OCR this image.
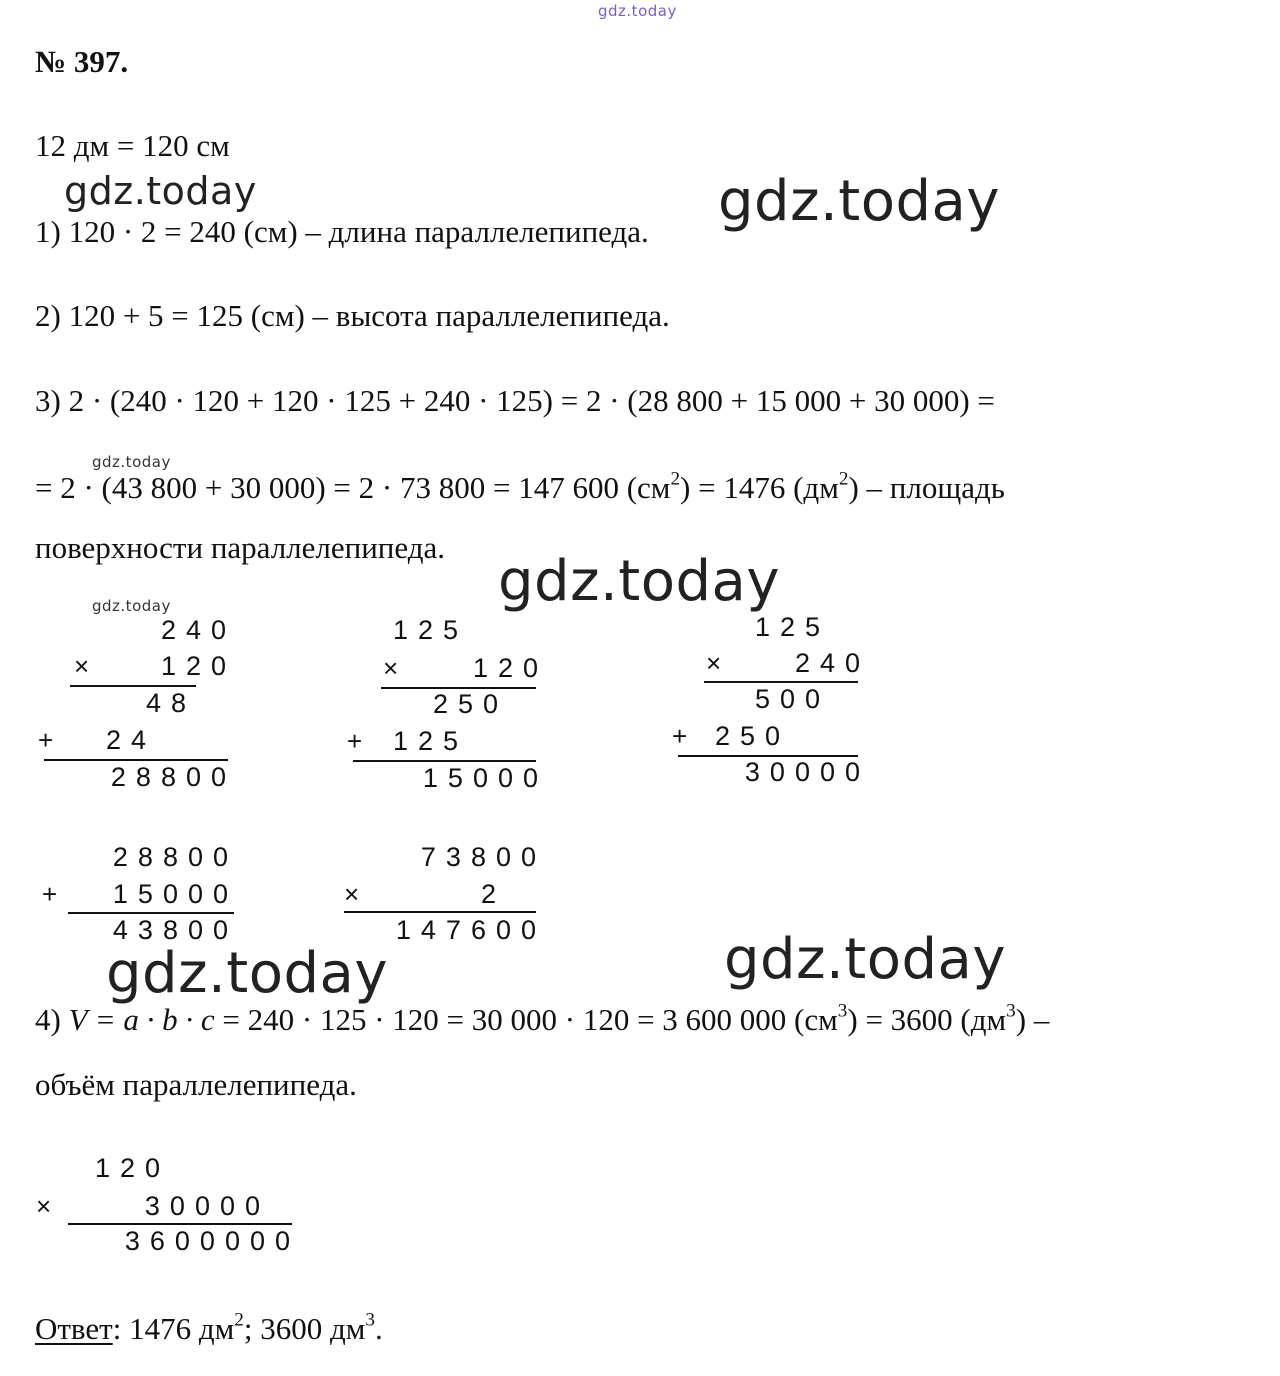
gdz.today
gdz.today	gdz.today
gdz.today
gdz.today
gdz.today
gdz.today	gdz.today
№ 397.
12 дм = 120 см
1) 120 · 2 = 240 (см) – длина параллелепипеда.
2) 120 + 5 = 125 (см) – высота параллелепипеда.
3) 2 · (240 · 120 + 120 · 125 + 240 · 125) = 2 · (28 800 + 15 000 + 30 000) =
= 2 · (43 800 + 30 000) = 2 · 73 800 = 147 600 $(см^2) = 1476$ $(дм^2)$ – площадь
поверхности параллелепипеда.
4) V = a · b · c = 240 · 125 · 120 = 30 000 · 120 = 3 600 000 $(см^3) = 3600$ $(дм^3)$ –
объём параллелепипеда.
Ответ: 1476 $дм^2$; 3600 $дм^3$.
240
×	120
48
+ 24
28800
125
×	120
250
+ 125
15000
125
×	240
500
+ 250
30000
28800
+ 15000
43800
73800
×	2
147600
120
×	30000
3600000
